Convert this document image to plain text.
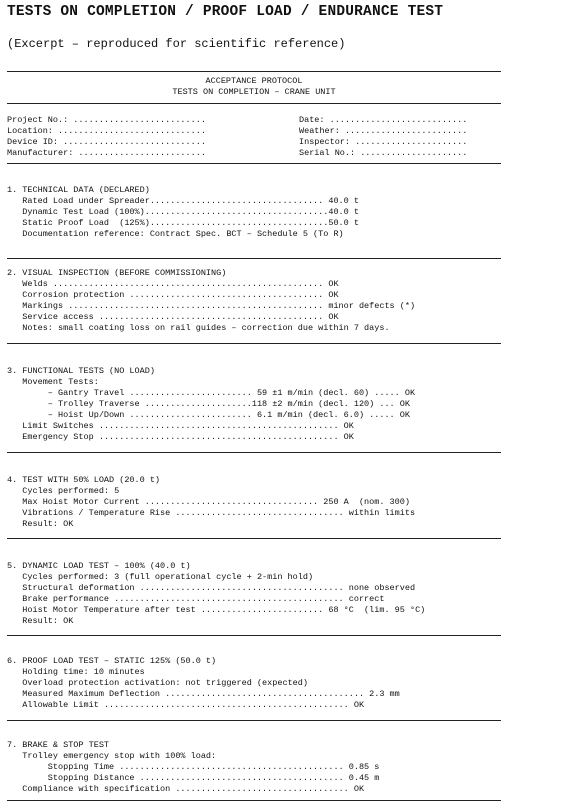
TESTS ON COMPLETION / PROOF LOAD / ENDURANCE TEST
(Excerpt – reproduced for scientific reference)
ACCEPTANCE PROTOCOL
TESTS ON COMPLETION – CRANE UNIT
Project No.: ..........................
Location: .............................
Device ID: ............................
Manufacturer: .........................
Date: ...........................
Weather: ........................
Inspector: ......................
Serial No.: .....................
1. TECHNICAL DATA (DECLARED)
Rated Load under Spreader.................................. 40.0 t
Dynamic Test Load (100%)....................................40.0 t
Static Proof Load  (125%)...................................50.0 t
Documentation reference: Contract Spec. BCT – Schedule 5 (To R)
2. VISUAL INSPECTION (BEFORE COMMISSIONING)
Welds ..................................................... OK
Corrosion protection ...................................... OK
Markings .................................................. minor defects (*)
Service access ............................................ OK
Notes: small coating loss on rail guides – correction due within 7 days.
3. FUNCTIONAL TESTS (NO LOAD)
Movement Tests:
– Gantry Travel ........................ 59 ±1 m/min (decl. 60) ..... OK
– Trolley Traverse .....................118 ±2 m/min (decl. 120) ... OK
– Hoist Up/Down ........................ 6.1 m/min (decl. 6.0) ..... OK
Limit Switches ............................................... OK
Emergency Stop ............................................... OK
4. TEST WITH 50% LOAD (20.0 t)
Cycles performed: 5
Max Hoist Motor Current .................................. 250 A  (nom. 300)
Vibrations / Temperature Rise ................................. within limits
Result: OK
5. DYNAMIC LOAD TEST – 100% (40.0 t)
Cycles performed: 3 (full operational cycle + 2-min hold)
Structural deformation ........................................ none observed
Brake performance ............................................. correct
Hoist Motor Temperature after test ........................ 68 °C  (lim. 95 °C)
Result: OK
6. PROOF LOAD TEST – STATIC 125% (50.0 t)
Holding time: 10 minutes
Overload protection activation: not triggered (expected)
Measured Maximum Deflection ....................................... 2.3 mm
Allowable Limit ................................................ OK
7. BRAKE & STOP TEST
Trolley emergency stop with 100% load:
Stopping Time ............................................ 0.85 s
Stopping Distance ........................................ 0.45 m
Compliance with specification .................................. OK
